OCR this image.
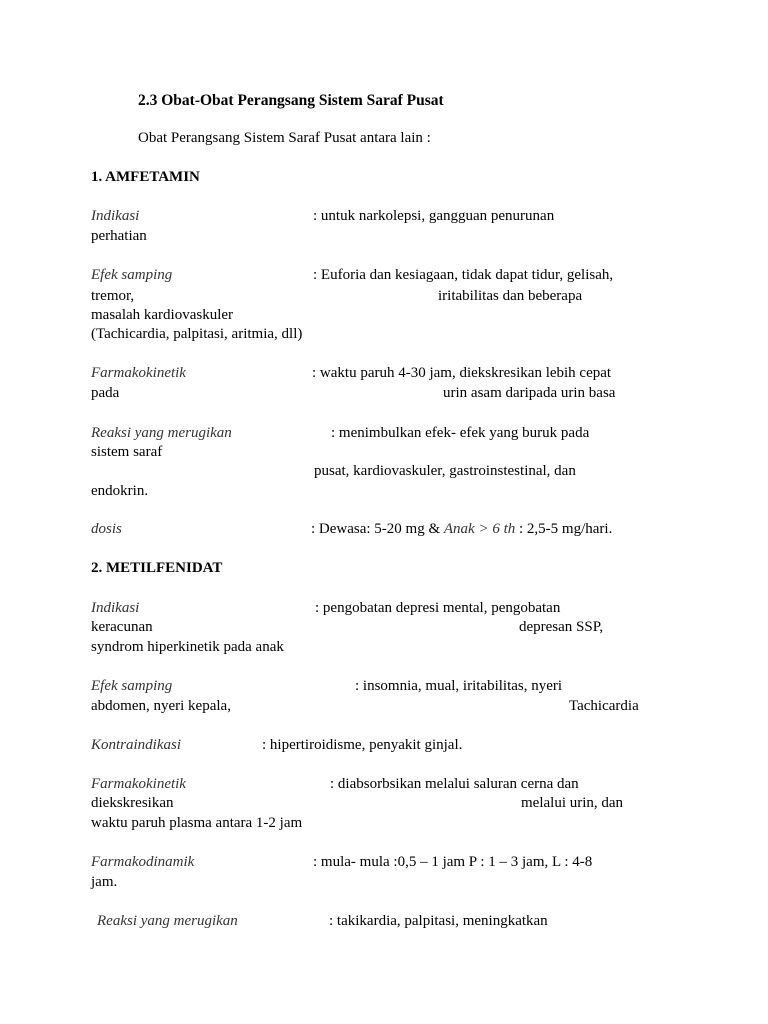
2.3 Obat-Obat Perangsang Sistem Saraf Pusat
Obat Perangsang Sistem Saraf Pusat antara lain :
1. AMFETAMIN
Indikasi	: untuk narkolepsi, gangguan penurunan
perhatian
Efek samping	: Euforia dan kesiagaan, tidak dapat tidur, gelisah,
tremor,	iritabilitas dan beberapa
masalah kardiovaskuler
(Tachicardia, palpitasi, aritmia, dll)
Farmakokinetik	: waktu paruh 4-30 jam, diekskresikan lebih cepat
pada	urin asam daripada urin basa
Reaksi yang merugikan	: menimbulkan efek- efek yang buruk pada
sistem saraf
pusat, kardiovaskuler, gastroinstestinal, dan
endokrin.
dosis	: Dewasa: 5-20 mg & Anak > 6 th : 2,5-5 mg/hari.
2. METILFENIDAT
Indikasi	: pengobatan depresi mental, pengobatan
keracunan	depresan SSP,
syndrom hiperkinetik pada anak
Efek samping	: insomnia, mual, iritabilitas, nyeri
abdomen, nyeri kepala,	Tachicardia
Kontraindikasi	: hipertiroidisme, penyakit ginjal.
Farmakokinetik	: diabsorbsikan melalui saluran cerna dan
diekskresikan	melalui urin, dan
waktu paruh plasma antara 1-2 jam
Farmakodinamik	: mula- mula :0,5 – 1 jam P : 1 – 3 jam, L : 4-8
jam.
Reaksi yang merugikan	: takikardia, palpitasi, meningkatkan
